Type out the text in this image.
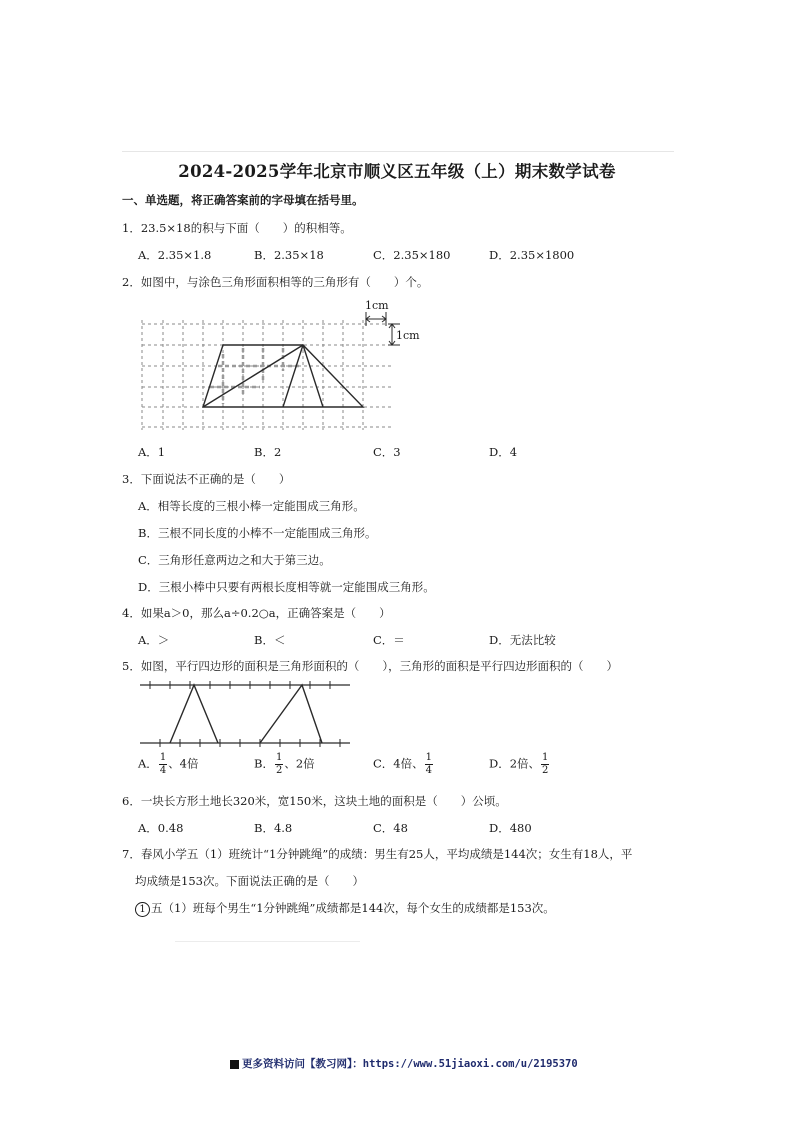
2024-2025学年北京市顺义区五年级（上）期末数学试卷
一、单选题，将正确答案前的字母填在括号里。
1．23.5×18的积与下面（　　）的积相等。
A．2.35×1.8	B．2.35×18	C．2.35×180	D．2.35×1800
2．如图中，与涂色三角形面积相等的三角形有（　　）个。
1cm
1cm
A．1	B．2	C．3	D．4
3．下面说法不正确的是（　　）
A．相等长度的三根小棒一定能围成三角形。
B．三根不同长度的小棒不一定能围成三角形。
C．三角形任意两边之和大于第三边。
D．三根小棒中只要有两根长度相等就一定能围成三角形。
4．如果a＞0，那么a÷0.2○a，正确答案是（　　）
A．＞	B．＜	C．＝	D．无法比较
5．如图，平行四边形的面积是三角形面积的（　　），三角形的面积是平行四边形面积的（　　）
A． $\frac{1}{4}$ 、4倍	B． $\frac{1}{2}$ 、2倍	C．4倍、 $\frac{1}{4}$	D．2倍、 $\frac{1}{2}$
6．一块长方形土地长320米，宽150米，这块土地的面积是（　　）公顷。
A．0.48	B．4.8	C．48	D．480
7．春风小学五（1）班统计“1分钟跳绳”的成绩：男生有25人，平均成绩是144次；女生有18人，平
均成绩是153次。下面说法正确的是（　　）
1 五（1）班每个男生“1分钟跳绳”成绩都是144次，每个女生的成绩都是153次。
更多资料访问【教习网】：https://www.51jiaoxi.com/u/2195370
